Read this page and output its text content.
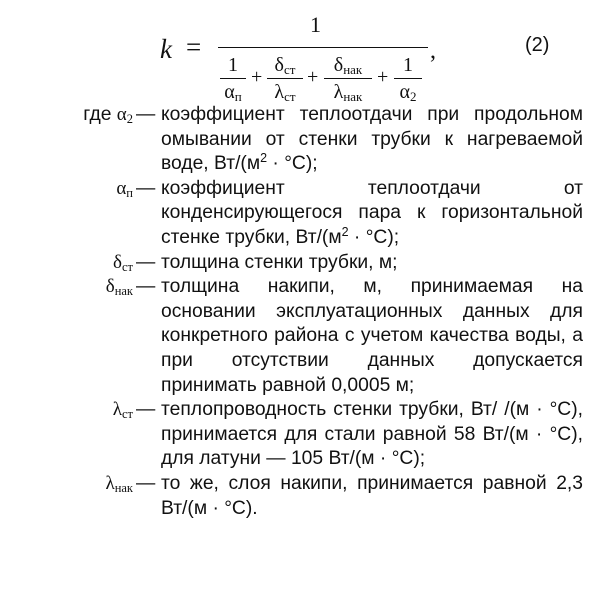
k =
1
1
$\alpha_п$
+
$\delta_{ст}$
$\lambda_{ст}$
+
$\delta_{нак}$
$\lambda_{нак}$
+
1
$\alpha_2$
,	(2)
где $\alpha_2$ — коэффициент теплоотдачи при продольном омывании от стенки трубки к нагреваемой воде, $Вт/(м^2 \cdot ^\circ С)$;
$\alpha_п$ — коэффициент теплоотдачи от конденсирующегося пара к горизонтальной стенке трубки, $Вт/(м^2 \cdot ^\circ С)$;
$\delta_{ст}$ — толщина стенки трубки, м;
$\delta_{нак}$ — толщина накипи, м, принимаемая на основании эксплуатационных данных для конкретного района с учетом качества воды, а при отсутствии данных допускается принимать равной 0,0005 м;
$\lambda_{ст}$ — теплопроводность стенки трубки, Вт/ /(м · °С), принимается для стали равной 58 Вт/(м · °С), для латуни — 105 Вт/(м · °С);
$\lambda_{нак}$ — то же, слоя накипи, принимается равной 2,3 Вт/(м · °С).
